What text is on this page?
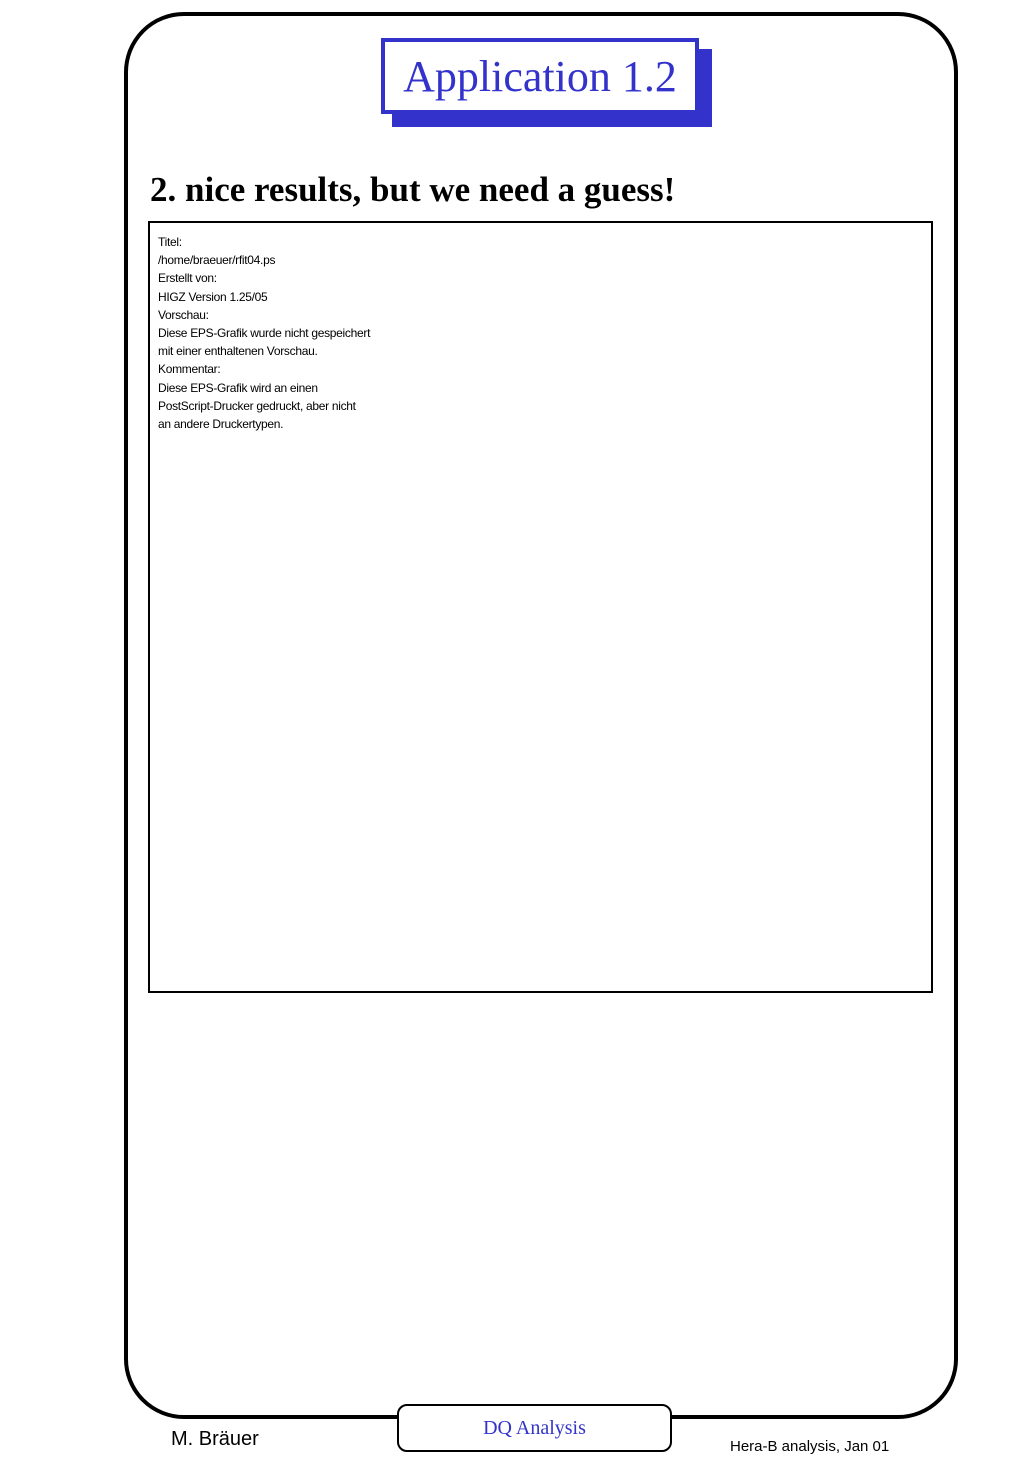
Application 1.2
2. nice results, but we need a guess!
Titel:
/home/braeuer/rfit04.ps
Erstellt von:
HIGZ Version 1.25/05
Vorschau:
Diese EPS-Grafik wurde nicht gespeichert
mit einer enthaltenen Vorschau.
Kommentar:
Diese EPS-Grafik wird an einen
PostScript-Drucker gedruckt, aber nicht
an andere Druckertypen.
DQ Analysis
M. Bräuer	Hera-B analysis, Jan 01
